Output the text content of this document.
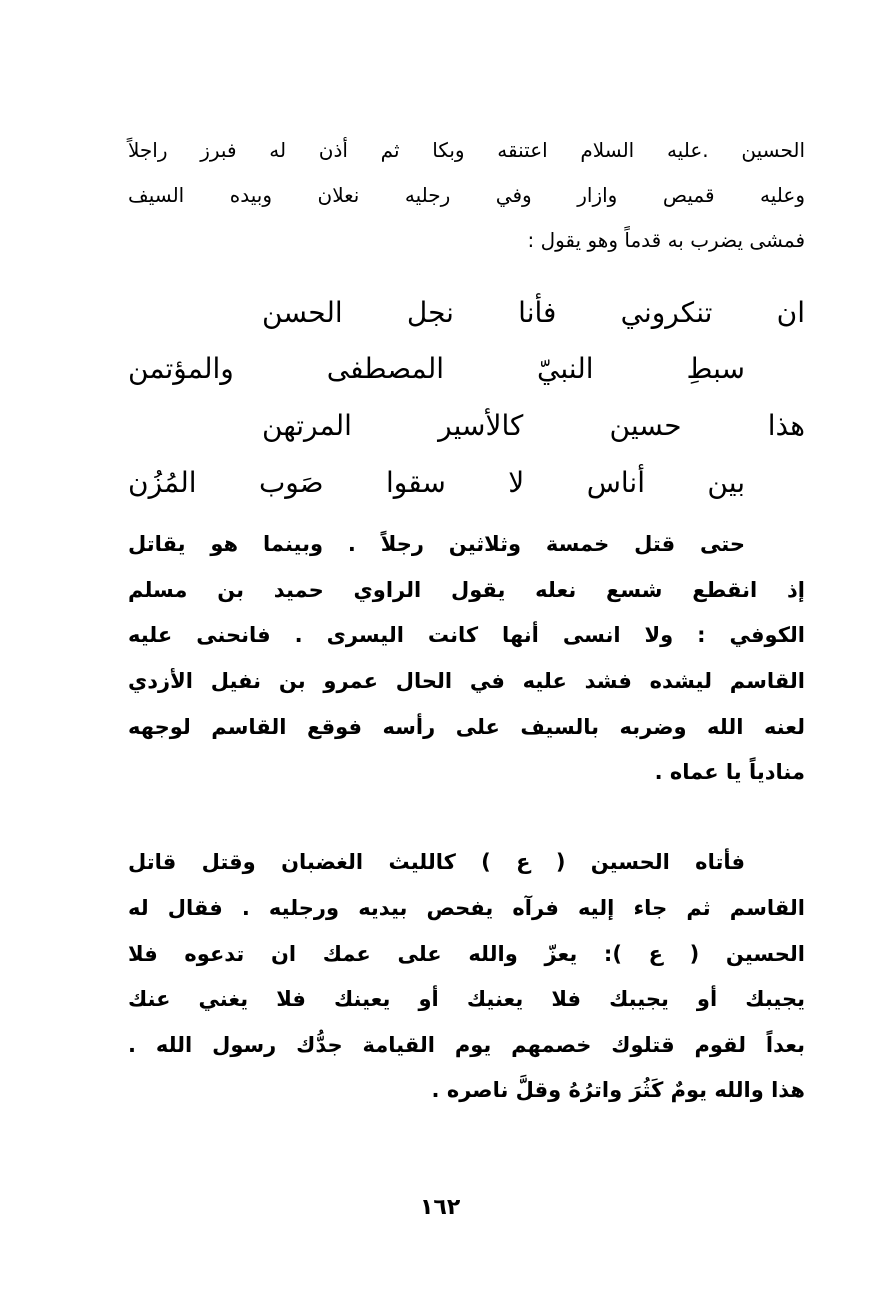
الحسين .عليه السلام اعتنقه وبكا ثم أذن له فبرز راجلاً
وعليه قميص وازار وفي رجليه نعلان وبيده السيف
فمشى يضرب به قدماً وهو يقول :
ان تنكروني فأنا نجل الحسن
سبطِ النبيّ المصطفى والمؤتمن
هذا حسين كالأسير المرتهن
بين أناس لا سقوا صَوب المُزُن
حتى قتل خمسة وثلاثين رجلاً . وبينما هو يقاتل
إذ انقطع شسع نعله يقول الراوي حميد بن مسلم
الكوفي : ولا انسى أنها كانت اليسرى . فانحنى عليه
القاسم ليشده فشد عليه في الحال عمرو بن نفيل الأزدي
لعنه الله وضربه بالسيف على رأسه فوقع القاسم لوجهه
منادياً يا عماه .
فأتاه الحسين ( ع ) كالليث الغضبان وقتل قاتل
القاسم ثم جاء إليه فرآه يفحص بيديه ورجليه . فقال له
الحسين ( ع ): يعزّ والله على عمك ان تدعوه فلا
يجيبك أو يجيبك فلا يعنيك أو يعينك فلا يغني عنك
بعداً لقوم قتلوك خصمهم يوم القيامة جدُّك رسول الله .
هذا والله يومٌ كَثُرَ واترُهُ وقلَّ ناصره .
١٦٢
